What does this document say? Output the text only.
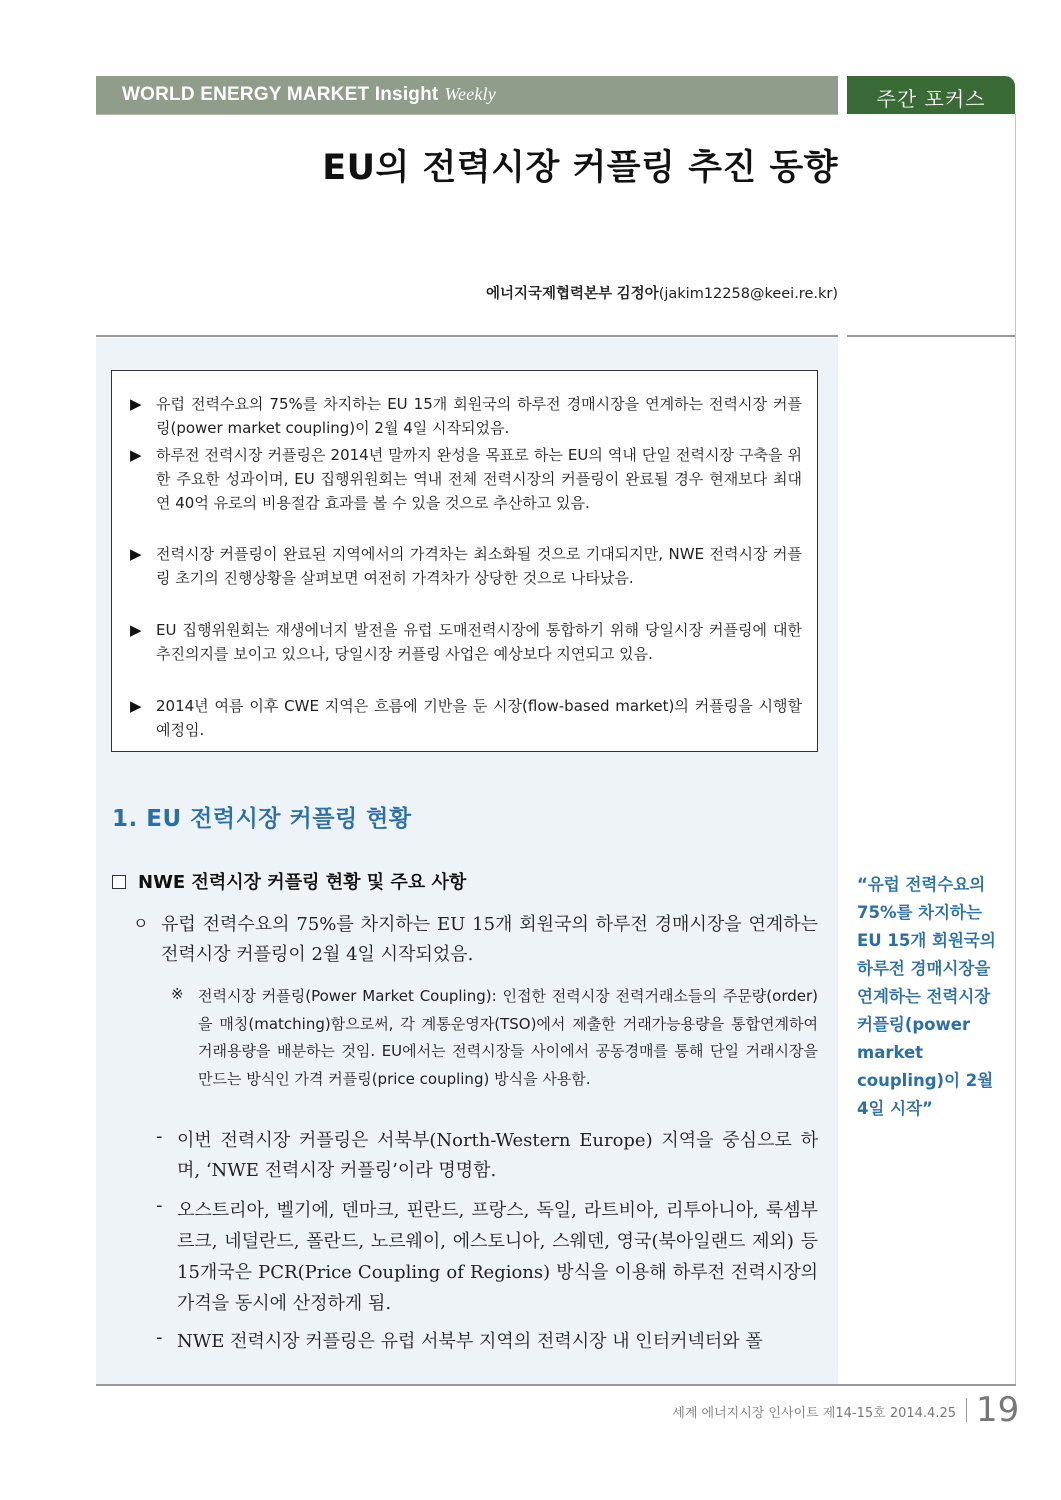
WORLD ENERGY MARKET Insight Weekly	주간 포커스
EU의 전력시장 커플링 추진 동향
에너지국제협력본부 김정아(jakim12258@keei.re.kr)
▶ 유럽 전력수요의 75%를 차지하는 EU 15개 회원국의 하루전 경매시장을 연계하는 전력시장 커플링(power market coupling)이 2월 4일 시작되었음.
▶ 하루전 전력시장 커플링은 2014년 말까지 완성을 목표로 하는 EU의 역내 단일 전력시장 구축을 위한 주요한 성과이며, EU 집행위원회는 역내 전체 전력시장의 커플링이 완료될 경우 현재보다 최대 연 40억 유로의 비용절감 효과를 볼 수 있을 것으로 추산하고 있음.
▶ 전력시장 커플링이 완료된 지역에서의 가격차는 최소화될 것으로 기대되지만, NWE 전력시장 커플링 초기의 진행상황을 살펴보면 여전히 가격차가 상당한 것으로 나타났음.
▶ EU 집행위원회는 재생에너지 발전을 유럽 도매전력시장에 통합하기 위해 당일시장 커플링에 대한 추진의지를 보이고 있으나, 당일시장 커플링 사업은 예상보다 지연되고 있음.
▶ 2014년 여름 이후 CWE 지역은 흐름에 기반을 둔 시장(flow-based market)의 커플링을 시행할 예정임.
1. EU 전력시장 커플링 현황
NWE 전력시장 커플링 현황 및 주요 사항
ㅇ 유럽 전력수요의 75%를 차지하는 EU 15개 회원국의 하루전 경매시장을 연계하는 전력시장 커플링이 2월 4일 시작되었음.
※ 전력시장 커플링(Power Market Coupling): 인접한 전력시장 전력거래소들의 주문량(order)을 매칭(matching)함으로써, 각 계통운영자(TSO)에서 제출한 거래가능용량을 통합연계하여 거래용량을 배분하는 것임. EU에서는 전력시장들 사이에서 공동경매를 통해 단일 거래시장을 만드는 방식인 가격 커플링(price coupling) 방식을 사용함.
- 이번 전력시장 커플링은 서북부(North-Western Europe) 지역을 중심으로 하며, ‘NWE 전력시장 커플링’이라 명명함.
- 오스트리아, 벨기에, 덴마크, 핀란드, 프랑스, 독일, 라트비아, 리투아니아, 룩셈부르크, 네덜란드, 폴란드, 노르웨이, 에스토니아, 스웨덴, 영국(북아일랜드 제외) 등 15개국은 PCR(Price Coupling of Regions) 방식을 이용해 하루전 전력시장의 가격을 동시에 산정하게 됨.
- NWE 전력시장 커플링은 유럽 서북부 지역의 전력시장 내 인터커넥터와 폴
“유럽 전력수요의 75%를 차지하는 EU 15개 회원국의 하루전 경매시장을 연계하는 전력시장 커플링(power market coupling)이 2월 4일 시작”
세계 에너지시장 인사이트 제14-15호 2014.4.25 19
